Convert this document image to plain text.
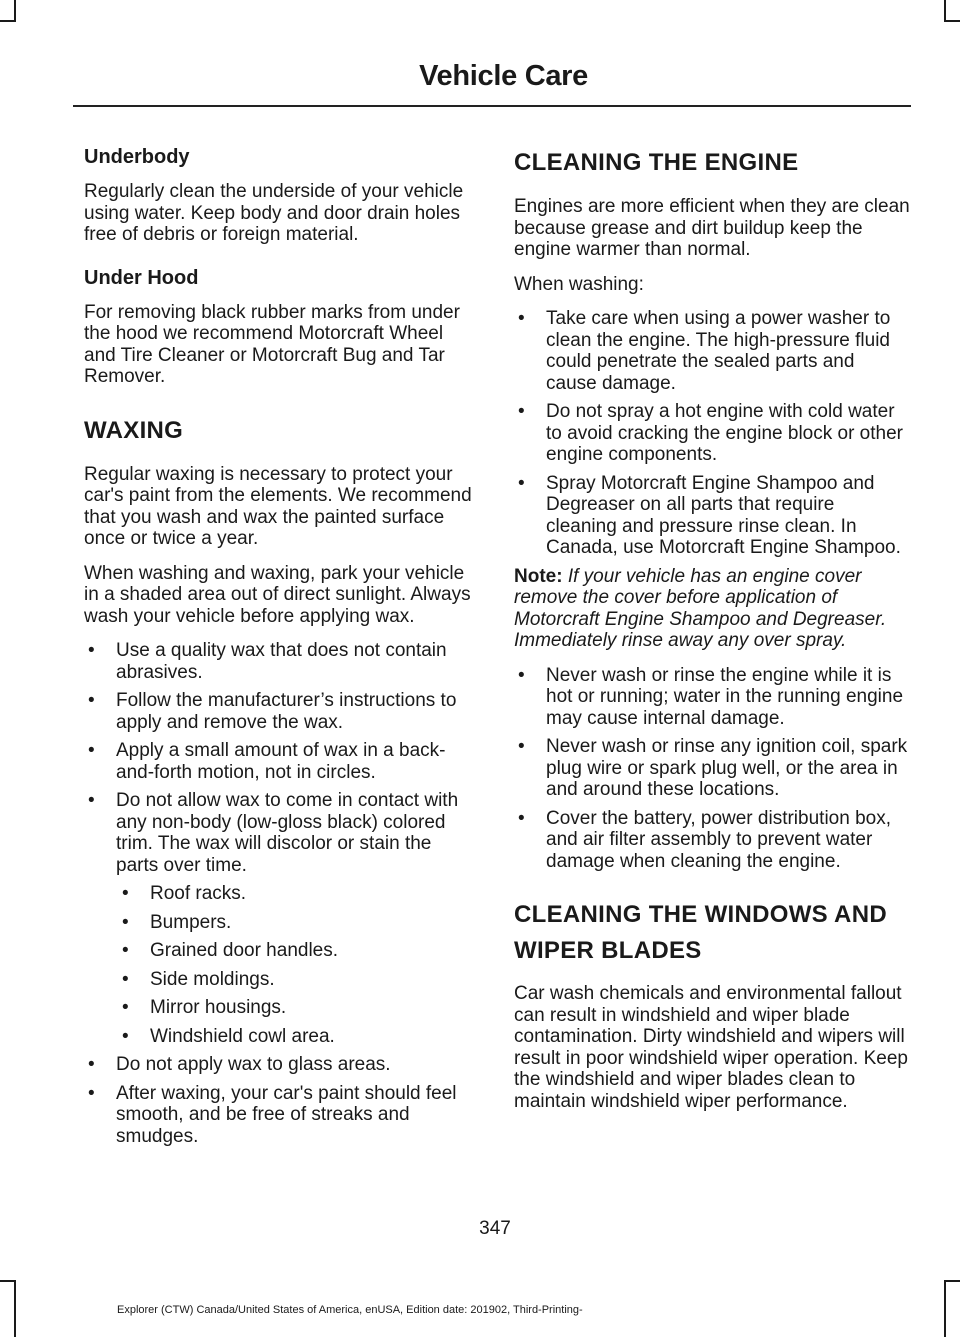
Vehicle Care
Underbody

Regularly clean the underside of your vehicle using water. Keep body and door drain holes free of debris or foreign material.

Under Hood

For removing black rubber marks from under the hood we recommend Motorcraft Wheel and Tire Cleaner or Motorcraft Bug and Tar Remover.

WAXING

Regular waxing is necessary to protect your car's paint from the elements. We recommend that you wash and wax the painted surface once or twice a year.

When washing and waxing, park your vehicle in a shaded area out of direct sunlight. Always wash your vehicle before applying wax.

• Use a quality wax that does not contain abrasives.
• Follow the manufacturer’s instructions to apply and remove the wax.
• Apply a small amount of wax in a back-and-forth motion, not in circles.
• Do not allow wax to come in contact with any non-body (low-gloss black) colored trim. The wax will discolor or stain the parts over time.
• Roof racks.
• Bumpers.
• Grained door handles.
• Side moldings.
• Mirror housings.
• Windshield cowl area.
• Do not apply wax to glass areas.
• After waxing, your car's paint should feel smooth, and be free of streaks and smudges.
CLEANING THE ENGINE

Engines are more efficient when they are clean because grease and dirt buildup keep the engine warmer than normal.

When washing:

• Take care when using a power washer to clean the engine. The high-pressure fluid could penetrate the sealed parts and cause damage.
• Do not spray a hot engine with cold water to avoid cracking the engine block or other engine components.
• Spray Motorcraft Engine Shampoo and Degreaser on all parts that require cleaning and pressure rinse clean. In Canada, use Motorcraft Engine Shampoo.

Note: If your vehicle has an engine cover remove the cover before application of Motorcraft Engine Shampoo and Degreaser. Immediately rinse away any over spray.

• Never wash or rinse the engine while it is hot or running; water in the running engine may cause internal damage.
• Never wash or rinse any ignition coil, spark plug wire or spark plug well, or the area in and around these locations.
• Cover the battery, power distribution box, and air filter assembly to prevent water damage when cleaning the engine.
CLEANING THE WINDOWS AND
WIPER BLADES

Car wash chemicals and environmental fallout can result in windshield and wiper blade contamination. Dirty windshield and wipers will result in poor windshield wiper operation. Keep the windshield and wiper blades clean to maintain windshield wiper performance.

347
Explorer (CTW) Canada/United States of America, enUSA, Edition date: 201902, Third-Printing-
